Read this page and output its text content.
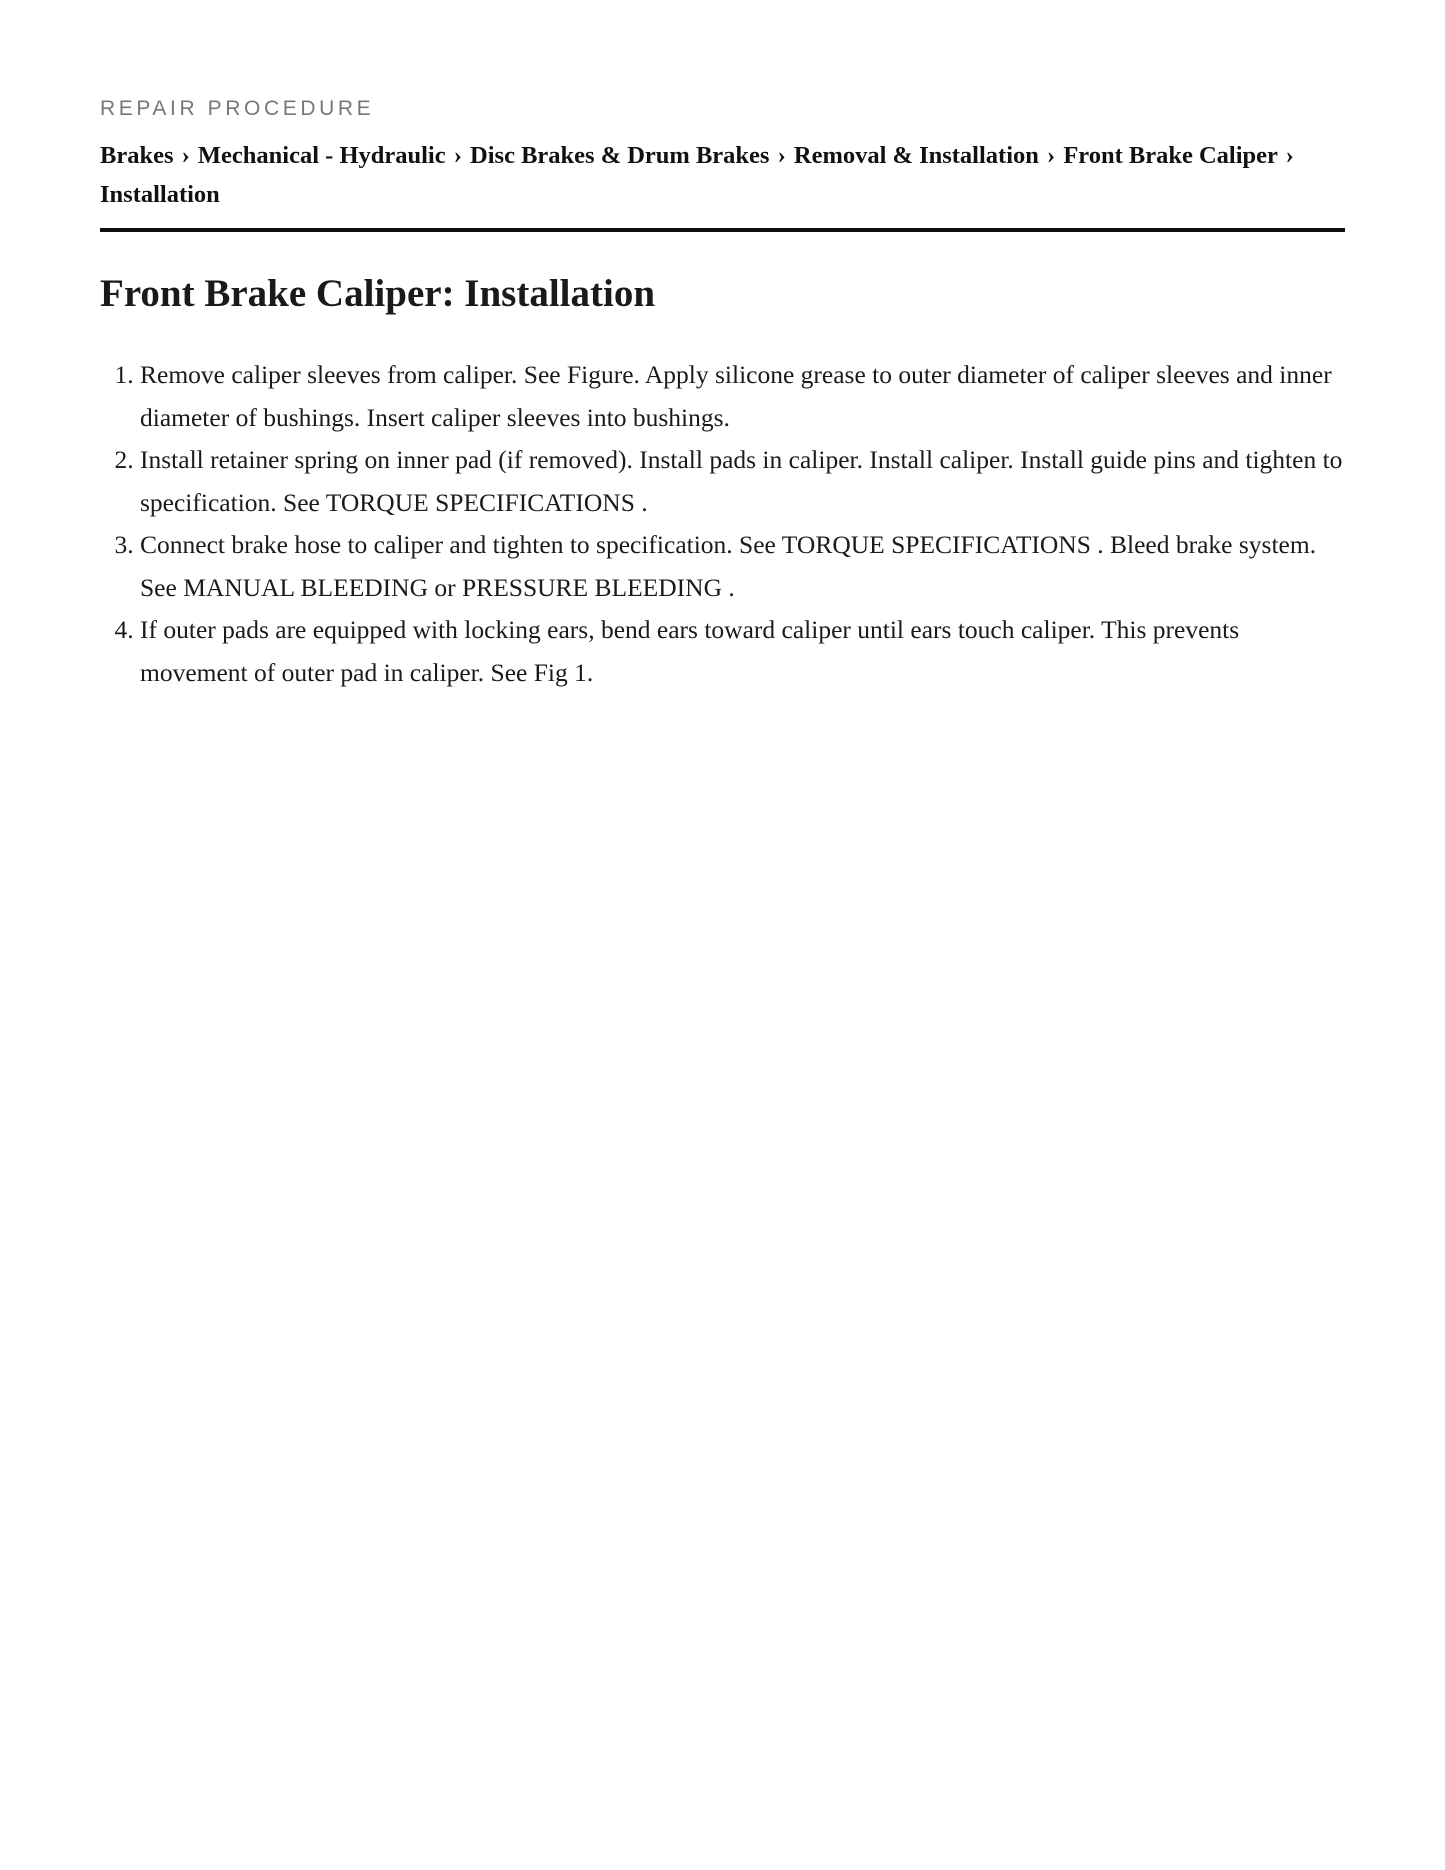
REPAIR PROCEDURE
Brakes › Mechanical - Hydraulic › Disc Brakes & Drum Brakes › Removal & Installation › Front Brake Caliper › Installation
Front Brake Caliper: Installation
1. Remove caliper sleeves from caliper. See Figure. Apply silicone grease to outer diameter of caliper sleeves and inner diameter of bushings. Insert caliper sleeves into bushings.
2. Install retainer spring on inner pad (if removed). Install pads in caliper. Install caliper. Install guide pins and tighten to specification. See TORQUE SPECIFICATIONS .
3. Connect brake hose to caliper and tighten to specification. See TORQUE SPECIFICATIONS . Bleed brake system. See MANUAL BLEEDING or PRESSURE BLEEDING .
4. If outer pads are equipped with locking ears, bend ears toward caliper until ears touch caliper. This prevents movement of outer pad in caliper. See Fig 1.
